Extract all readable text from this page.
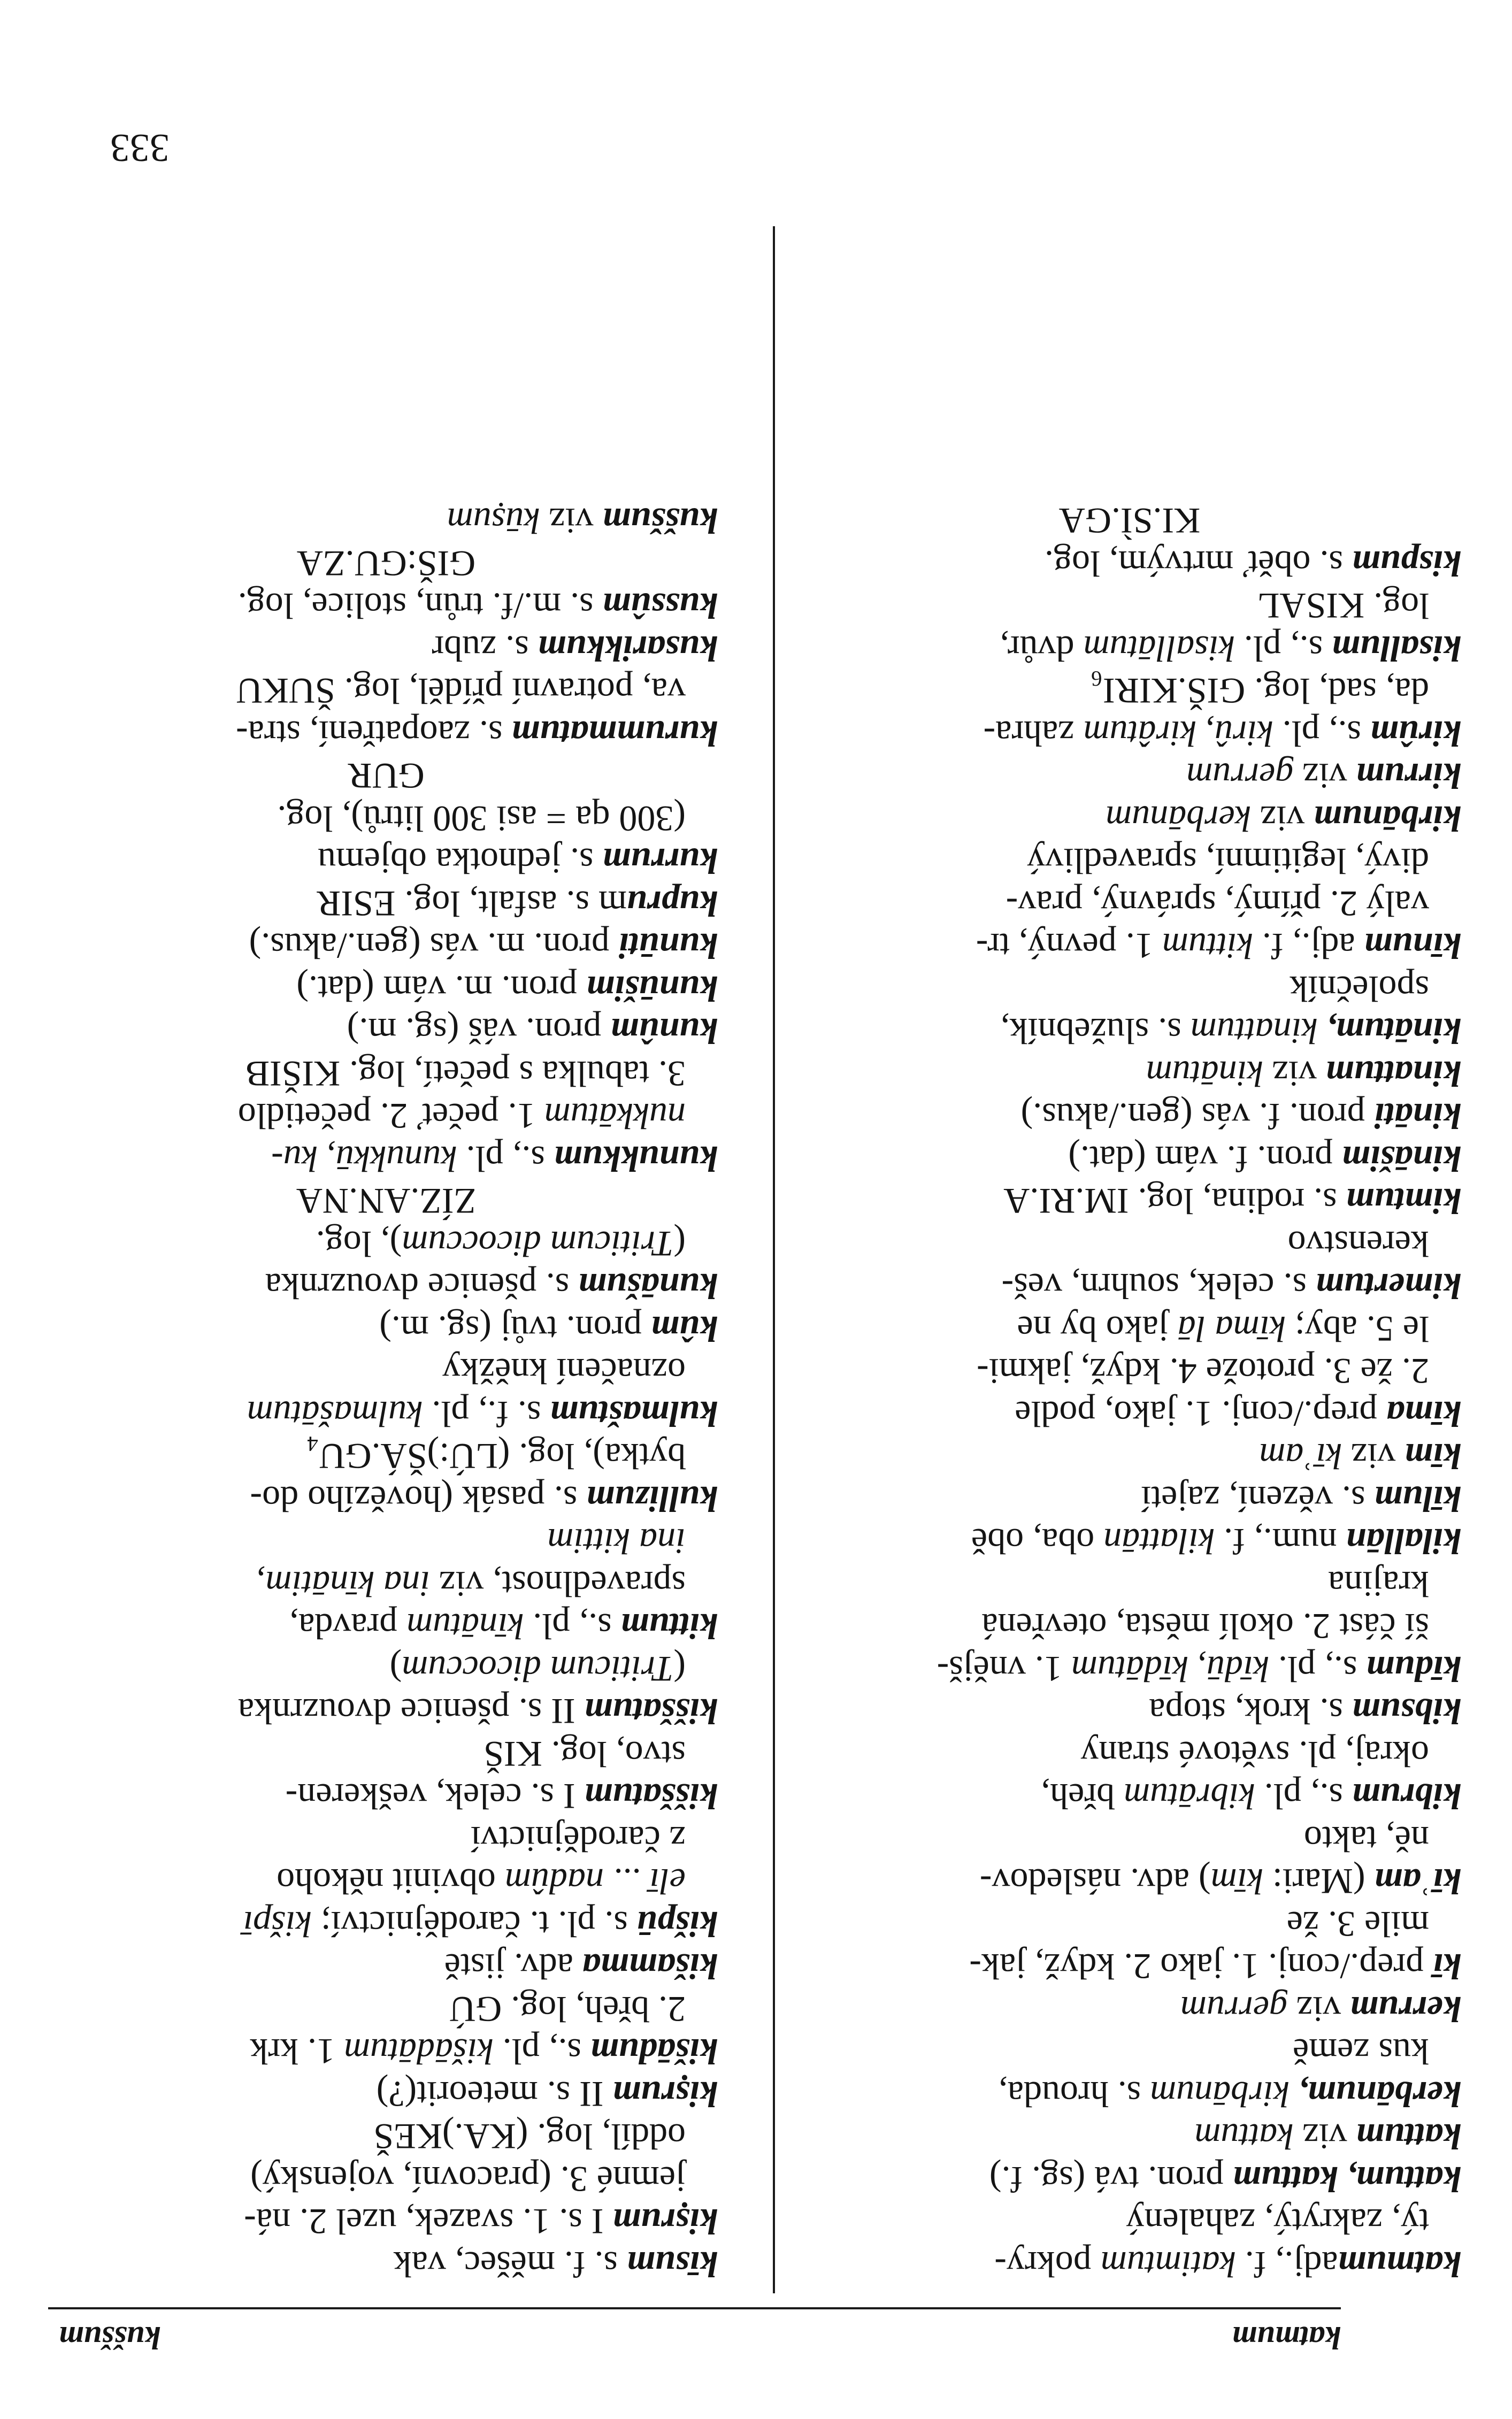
katmum
kuššum
katmumadj., f. katimtum pokry-
tý, zakrytý, zahalený
kattum, kattum pron. tvá (sg. f.)
kattum viz kattum
kerbānum, kirbānum s. hrouda,
kus země
kerrum viz gerrum
kī prep./conj. 1. jako 2. když, jak-
mile 3. že
kīʾam (Mari: kīm) adv. následov-
ně, takto
kibrum s., pl. kibrātum břeh,
okraj, pl. světové strany
kibsum s. krok, stopa
kīdum s., pl. kīdū, kīdātum 1. vnějš-
ší část 2. okolí města, otevřená
krajina
kilallān num., f. kilattān oba, obě
kīlum s. vězení, zajetí
kīm viz kīʾam
kīma prep./conj. 1. jako, podle
2. že 3. protože 4. když, jakmi-
le 5. aby; kīma lā jako by ne
kimertum s. celek, souhrn, veš-
kerenstvo
kimtum s. rodina, log. IM.RI.A
kināšim pron. f. vám (dat.)
kināti pron. f. vás (gen./akus.)
kinattum viz kinātum
kinātum, kinattum s. služebník,
společník
kīnum adj., f. kittum 1. pevný, tr-
valý 2. přímý, správný, prav-
divý, legitimní, spravedlivý
kirbānum viz kerbānum
kirrum viz gerrum
kirûm s., pl. kirû, kirâtum zahra-
da, sad, log. GIŠ.KIRI₆
kisallum s., pl. kisallātum dvůr,
log. KISAL
kispum s. oběť mrtvým, log.
KI.SÌ.GA
kīsum s. f. měšec, vak
kiṣrum I s. 1. svazek, uzel 2. ná-
jemné 3. (pracovní, vojenský)
oddíl, log. (KA.)KEŠ
kiṣrum II s. meteorit(?)
kišādum s., pl. kišādātum 1. krk
2. břeh, log. GÚ
kišamma adv. jistě
kišpū s. pl. t. čarodějnictví; kišpī
elī ... nadûm obvinit někoho
z čarodějnictví
kiššatum I s. celek, veškeren-
stvo, log. KIŠ
kiššatum II s. pšenice dvouzrnka
(Triticum dicoccum)
kittum s., pl. kīnātum pravda,
spravedlnost, viz ina kīnātim,
ina kittim
kullizum s. pasák (hovězího do-
bytka), log. (LÚ:)ŠÁ.GU₄
kulmaštum s. f., pl. kulmašātum
označení kněžky
kûm pron. tvůj (sg. m.)
kunāšum s. pšenice dvouzrnka
(Triticum dicoccum), log.
ZÍZ.AN.NA
kunukkum s., pl. kunukkū, ku-
nukkātum 1. pečeť 2. pečetidlo
3. tabulka s pečetí, log. KIŠIB
kunûm pron. váš (sg. m.)
kunūšim pron. m. vám (dat.)
kunūti pron. m. vás (gen./akus.)
kuprum s. asfalt, log. ESIR
kurrum s. jednotka objemu
(300 qa = asi 300 litrů), log.
GUR
kurummatum s. zaopatření, stra-
va, potravní příděl, log. ŠUKU
kusarikkum s. zubr
kussûm s. m./f. trůn, stolice, log.
GIŠ:GU.ZA
kuššum viz kūṣum
333
